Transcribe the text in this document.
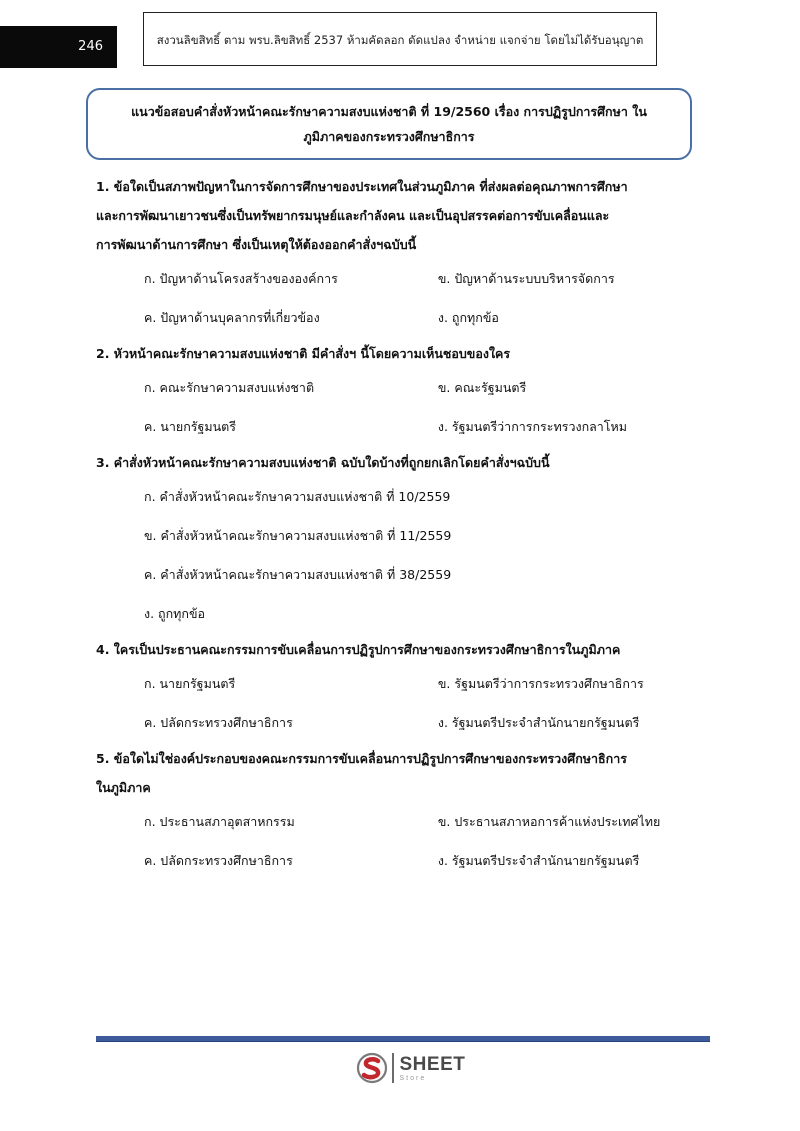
246	สงวนลิขสิทธิ์ ตาม พรบ.ลิขสิทธิ์ 2537 ห้ามคัดลอก ดัดแปลง จำหน่าย แจกจ่าย โดยไม่ได้รับอนุญาต
แนวข้อสอบคำสั่งหัวหน้าคณะรักษาความสงบแห่งชาติ ที่ 19/2560 เรื่อง การปฏิรูปการศึกษา ใน
ภูมิภาคของกระทรวงศึกษาธิการ

1. ข้อใดเป็นสภาพปัญหาในการจัดการศึกษาของประเทศในส่วนภูมิภาค ที่ส่งผลต่อคุณภาพการศึกษา

และการพัฒนาเยาวชนซึ่งเป็นทรัพยากรมนุษย์และกำลังคน และเป็นอุปสรรคต่อการขับเคลื่อนและ

การพัฒนาด้านการศึกษา ซึ่งเป็นเหตุให้ต้องออกคำสั่งฯฉบับนี้

ก. ปัญหาด้านโครงสร้างขององค์การ	ข. ปัญหาด้านระบบบริหารจัดการ
ค. ปัญหาด้านบุคลากรที่เกี่ยวข้อง	ง. ถูกทุกข้อ

2. หัวหน้าคณะรักษาความสงบแห่งชาติ มีคำสั่งฯ นี้โดยความเห็นชอบของใคร

ก. คณะรักษาความสงบแห่งชาติ	ข. คณะรัฐมนตรี
ค. นายกรัฐมนตรี	ง. รัฐมนตรีว่าการกระทรวงกลาโหม

3. คำสั่งหัวหน้าคณะรักษาความสงบแห่งชาติ ฉบับใดบ้างที่ถูกยกเลิกโดยคำสั่งฯฉบับนี้

ก. คำสั่งหัวหน้าคณะรักษาความสงบแห่งชาติ ที่ 10/2559
ข. คำสั่งหัวหน้าคณะรักษาความสงบแห่งชาติ ที่ 11/2559
ค. คำสั่งหัวหน้าคณะรักษาความสงบแห่งชาติ ที่ 38/2559
ง. ถูกทุกข้อ

4. ใครเป็นประธานคณะกรรมการขับเคลื่อนการปฏิรูปการศึกษาของกระทรวงศึกษาธิการในภูมิภาค

ก. นายกรัฐมนตรี	ข. รัฐมนตรีว่าการกระทรวงศึกษาธิการ
ค. ปลัดกระทรวงศึกษาธิการ	ง. รัฐมนตรีประจำสำนักนายกรัฐมนตรี

5. ข้อใดไม่ใช่องค์ประกอบของคณะกรรมการขับเคลื่อนการปฏิรูปการศึกษาของกระทรวงศึกษาธิการ

ในภูมิภาค

ก. ประธานสภาอุตสาหกรรม	ข. ประธานสภาหอการค้าแห่งประเทศไทย
ค. ปลัดกระทรวงศึกษาธิการ	ง. รัฐมนตรีประจำสำนักนายกรัฐมนตรี
SHEET
Store
